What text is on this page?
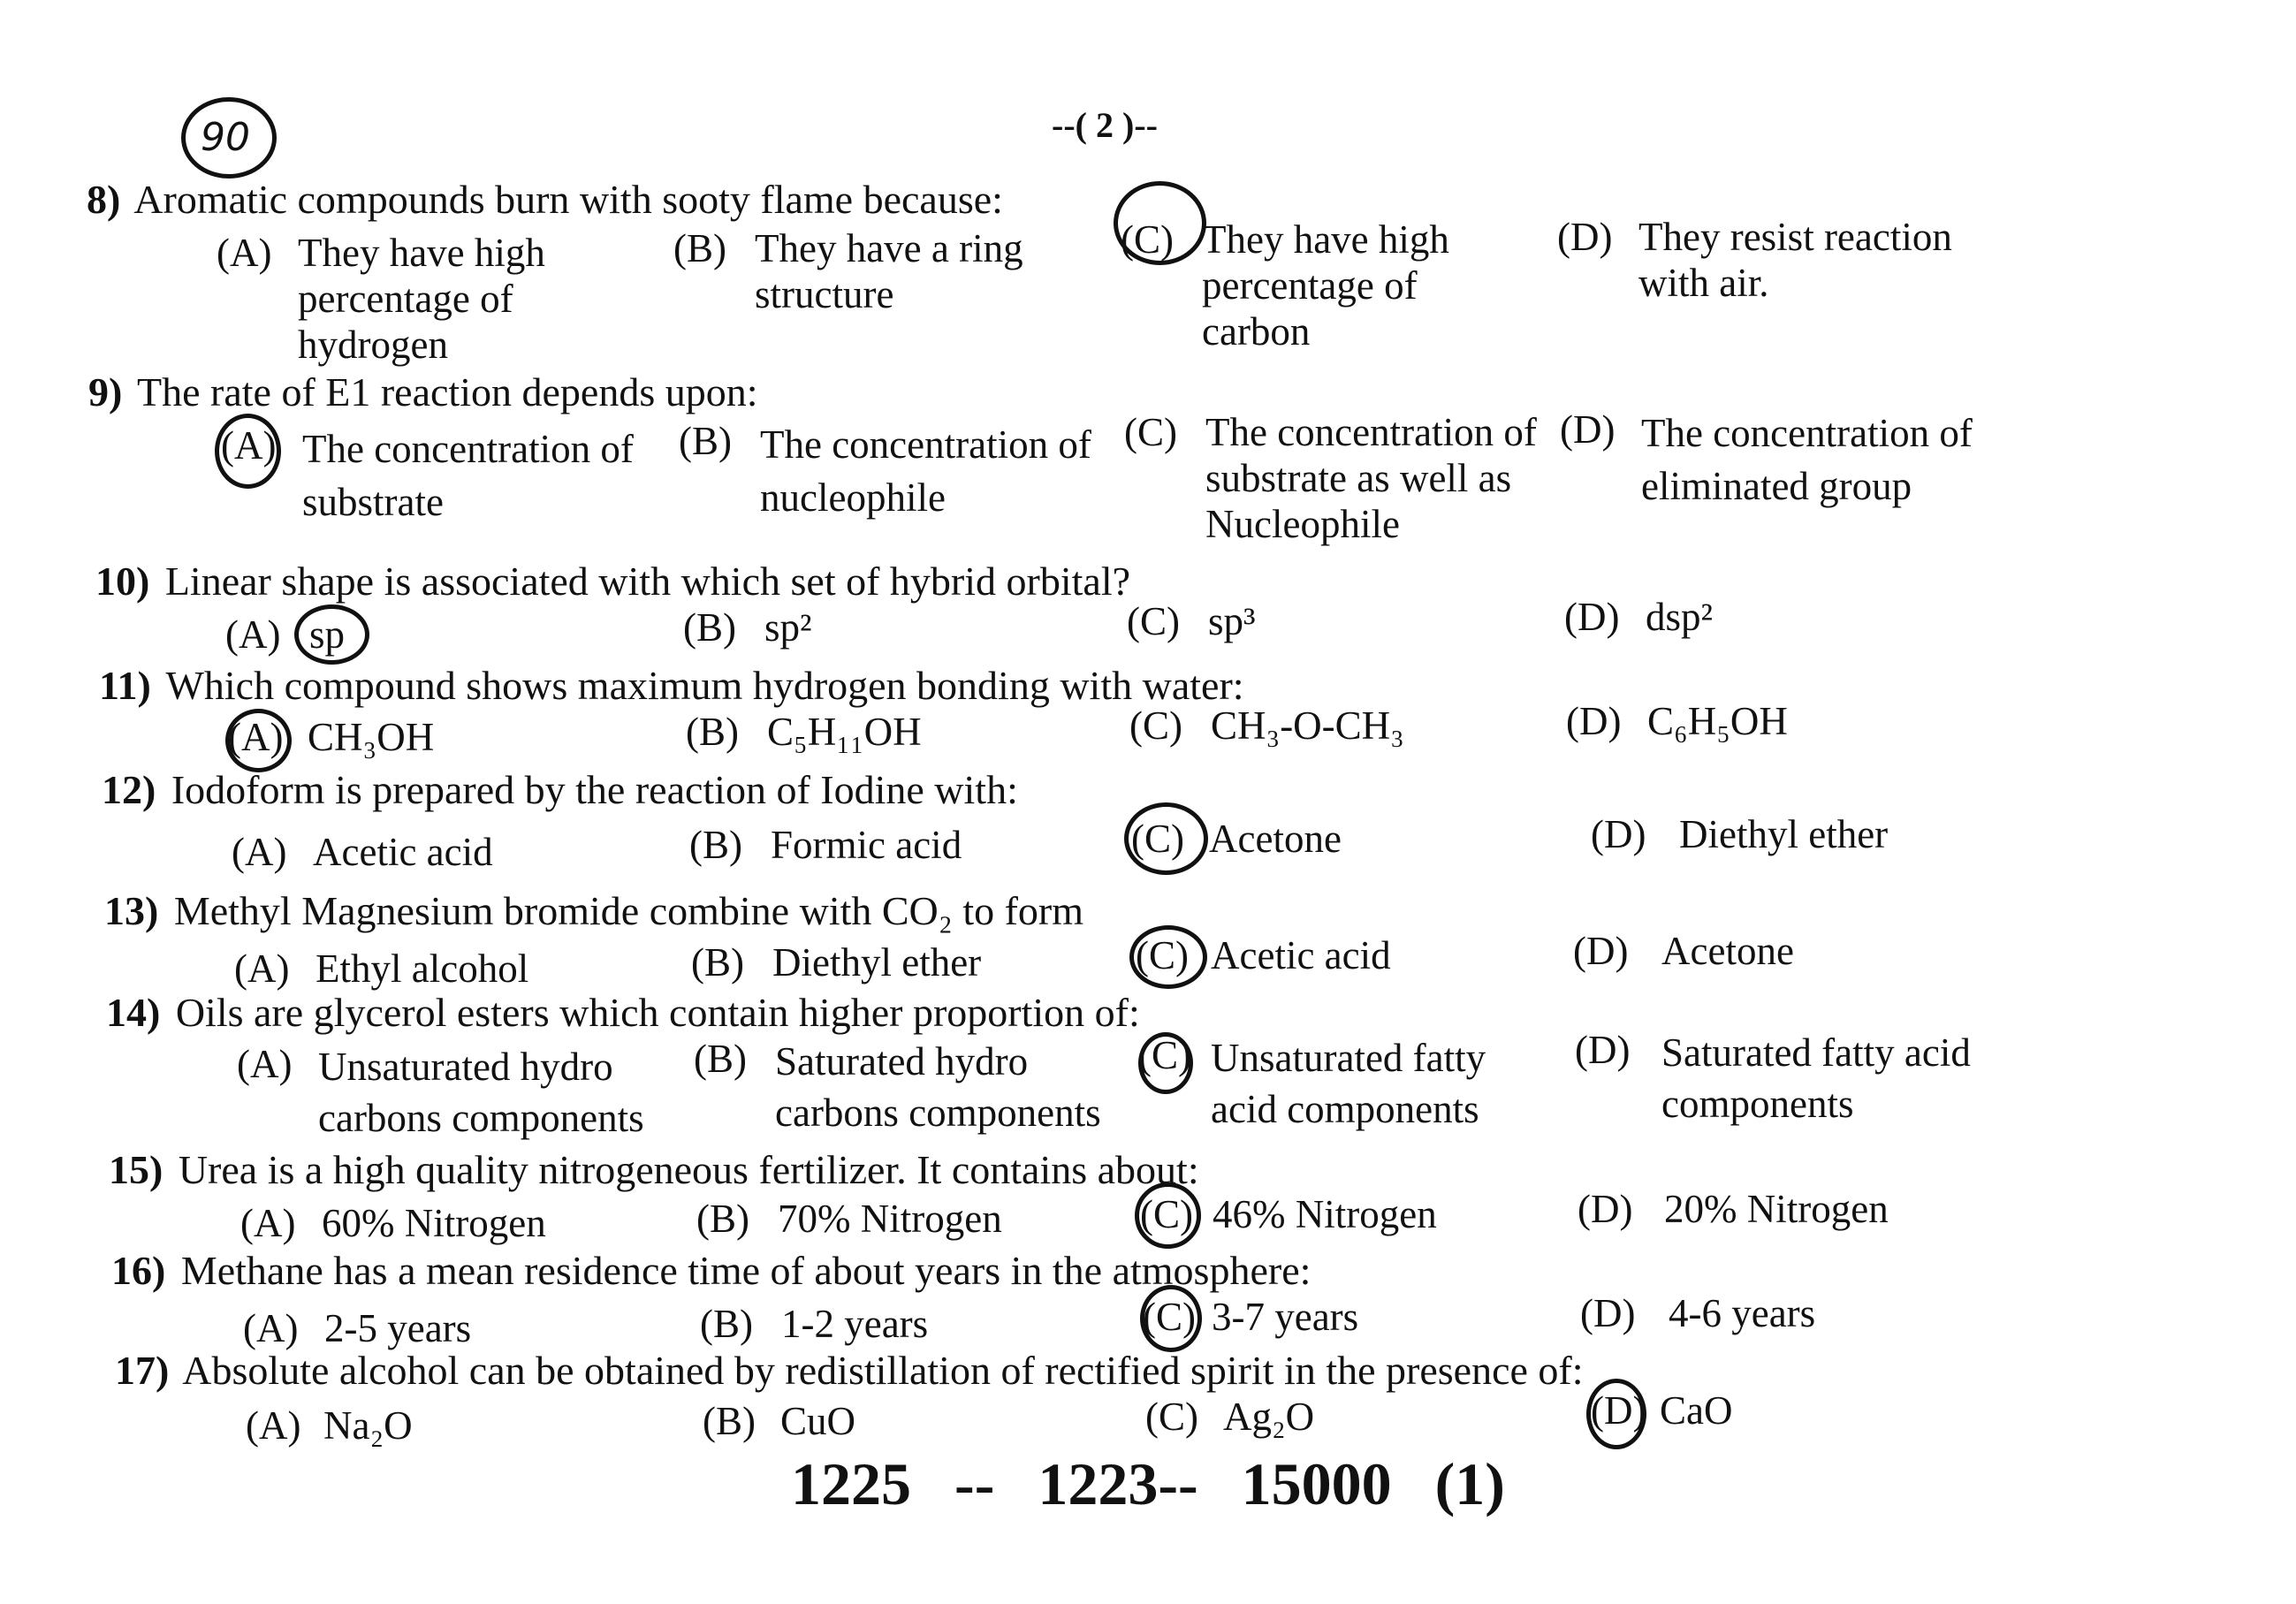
90	--( 2 )--
8) Aromatic compounds burn with sooty flame because:
(A) They have high percentage of hydrogen
(B) They have a ring structure
(C) They have high percentage of carbon
(D) They resist reaction with air.
9) The rate of E1 reaction depends upon:
(A) The concentration of substrate
(B) The concentration of nucleophile
(C) The concentration of substrate as well as Nucleophile
(D) The concentration of eliminated group
10) Linear shape is associated with which set of hybrid orbital?
(A) sp	(B) sp²	(C) sp³	(D) dsp²
11) Which compound shows maximum hydrogen bonding with water:
(A) CH₃OH	(B) C₅H₁₁OH	(C) CH₃-O-CH₃	(D) C₆H₅OH
12) Iodoform is prepared by the reaction of Iodine with:
(A) Acetic acid	(B) Formic acid	(C) Acetone	(D) Diethyl ether
13) Methyl Magnesium bromide combine with CO₂ to form
(A) Ethyl alcohol	(B) Diethyl ether	(C) Acetic acid	(D) Acetone
14) Oils are glycerol esters which contain higher proportion of:
(A) Unsaturated hydro carbons components
(B) Saturated hydro carbons components
(C) Unsaturated fatty acid components
(D) Saturated fatty acid components
15) Urea is a high quality nitrogeneous fertilizer. It contains about:
(A) 60% Nitrogen	(B) 70% Nitrogen	(C) 46% Nitrogen	(D) 20% Nitrogen
16) Methane has a mean residence time of about years in the atmosphere:
(A) 2-5 years	(B) 1-2 years	(C) 3-7 years	(D) 4-6 years
17) Absolute alcohol can be obtained by redistillation of rectified spirit in the presence of:
(A) Na₂O	(B) CuO	(C) Ag₂O	(D) CaO
1225 -- 1223-- 15000 (1)
